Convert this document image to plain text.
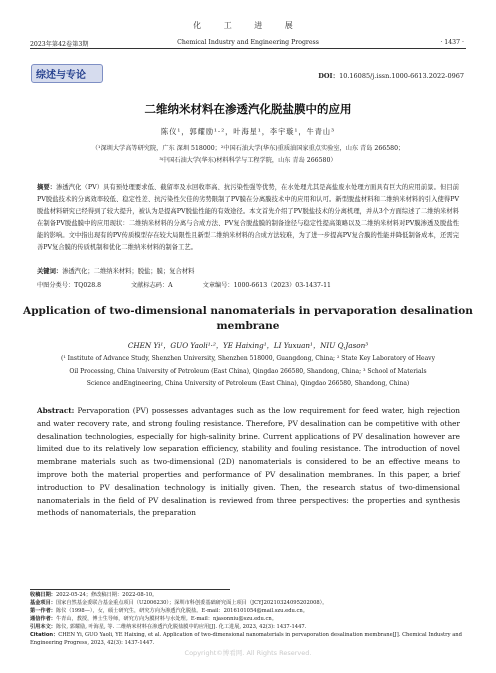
化 工 进 展
2023年第42卷第3期	Chemical Industry and Engineering Progress	· 1437 ·
综述与专论	DOI：10.16085/j.issn.1000-6613.2022-0967
二维纳米材料在渗透汽化脱盐膜中的应用
陈仪¹，郭耀励¹·²，叶海星¹，李宇璇¹，牛青山³
（¹深圳大学高等研究院，广东 深圳 518000；²中国石油大学(华东)重质油国家重点实验室，山东 青岛 266580；
³中国石油大学(华东)材料科学与工程学院，山东 青岛 266580）
摘要：渗透汽化（PV）具有预处理要求低、截留率及水回收率高、抗污染性强等优势，在水处理尤其是高盐废水处理方面具有巨大的应用前景。但目前PV脱盐技术的分离效率较低、稳定性差、抗污染性欠佳的劣势限制了PV膜在分离膜技术中的应用和认可。新型脱盐材料和二维纳米材料的引入使得PV脱盐材料研究已经得到了较大提升，被认为是提高PV脱盐性能的有效途径。本文首先介绍了PV脱盐技术的分离机理，并从3个方面综述了二维纳米材料在制备PV脱盐膜中的应用现状：二维纳米材料的分离与合成方法、PV复合脱盐膜的制备途径与稳定性提高策略以及二维纳米材料对PV膜渗透及脱盐性能的影响。文中指出现有的PV传质模型存在较大局限性且新型二维纳米材料的合成方法较难，为了进一步提高PV复合膜的性能并降低制备成本，还需完善PV复合膜的传质机制和优化二维纳米材料的制备工艺。
关键词：渗透汽化；二维纳米材料；脱盐；膜；复合材料
中图分类号：TQ028.8	文献标志码：A	文章编号：1000-6613（2023）03-1437-11
Application of two-dimensional nanomaterials in pervaporation desalination membrane
CHEN Yi¹，GUO Yaoli¹·²，YE Haixing¹，LI Yuxuan¹，NIU Q.Jason³
(¹ Institute of Advance Study, Shenzhen University, Shenzhen 518000, Guangdong, China; ² State Key Laboratory of Heavy Oil Processing, China University of Petroleum (East China), Qingdao 266580, Shandong, China; ³ School of Materials Science andEngineering, China University of Petroleum (East China), Qingdao 266580, Shandong, China)
Abstract: Pervaporation (PV) possesses advantages such as the low requirement for feed water, high rejection and water recovery rate, and strong fouling resistance. Therefore, PV desalination can be competitive with other desalination technologies, especially for high-salinity brine. Current applications of PV desalination however are limited due to its relatively low separation efficiency, stability and fouling resistance. The introduction of novel membrane materials such as two-dimensional (2D) nanomaterials is considered to be an effective means to improve both the material properties and performance of PV desalination membranes. In this paper, a brief introduction to PV desalination technology is initially given. Then, the research status of two-dimensional nanomaterials in the field of PV desalination is reviewed from three perspectives: the properties and synthesis methods of nanomaterials, the preparation
收稿日期：2022-05-24；修改稿日期：2022-08-10。
基金项目：国家自然基金委联合基金重点项目（U2006230）；深圳市科创委基础研究面上项目（JCYJ20210324095202008）。
第一作者：陈仪（1998—），女，硕士研究生，研究方向为渗透汽化脱盐。E-mail：2016101054@mail.szu.edu.cn。
通信作者：牛青山，教授，博士生导师，研究方向为膜材料与水处理。E-mail：njasonniu@szu.edu.cn。
引用本文：陈仪, 郭耀励, 叶海星, 等. 二维纳米材料在渗透汽化脱盐膜中的应用[J]. 化工进展, 2023, 42(3): 1437-1447.
Citation：CHEN Yi, GUO Yaoli, YE Haixing, et al. Application of two-dimensional nanomaterials in pervaporation desalination membrane[J]. Chemical Industry and Engineering Progress, 2023, 42(3): 1437-1447.
Copyright©博看网. All Rights Reserved.
